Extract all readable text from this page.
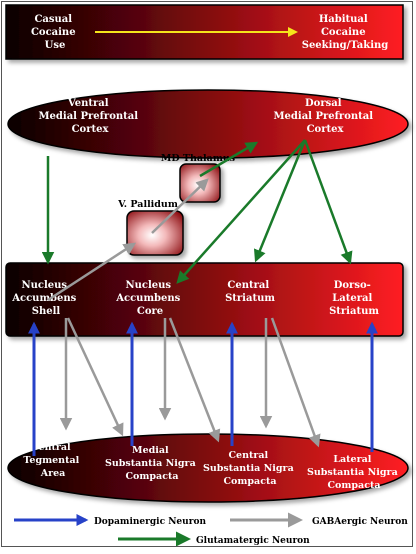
Casual Cocaine Use
Habitual Cocaine Seeking/Taking
Ventral Medial Prefrontal Cortex
Dorsal Medial Prefrontal Cortex
MD Thalamus
V. Pallidum
Nucleus Accumbens Shell
Nucleus Accumbens Core
Central Striatum
Dorso- Lateral Striatum
Ventral Tegmental Area
Medial Substantia Nigra Compacta
Central Substantia Nigra Compacta
Lateral Substantia Nigra Compacta
Dopaminergic Neuron	GABAergic Neuron
Glutamatergic Neuron
